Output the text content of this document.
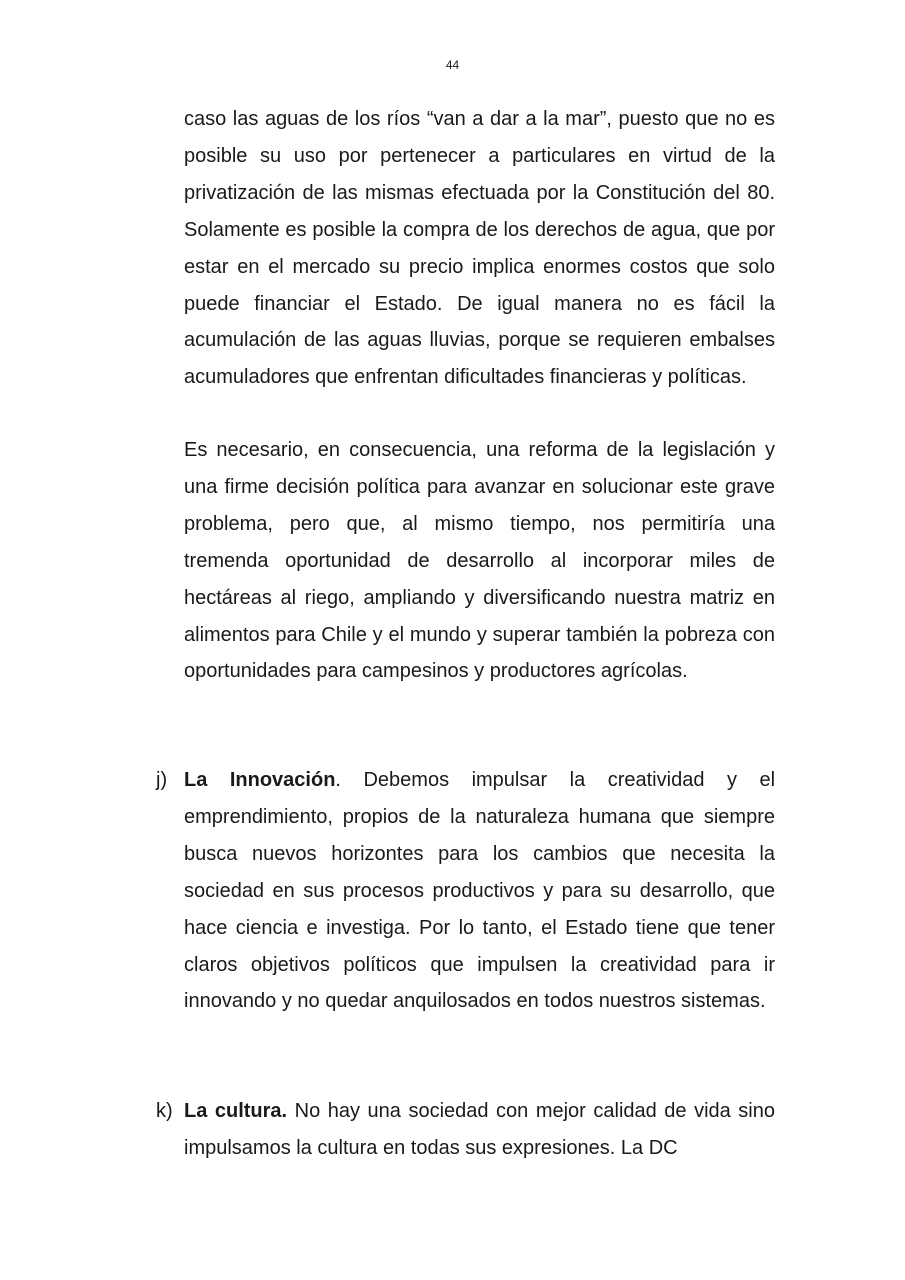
44

caso las aguas de los ríos “van a dar a la mar”, puesto que no es posible su uso por pertenecer a particulares en virtud de la privatización de las mismas efectuada por la Constitución del 80. Solamente es posible la compra de los derechos de agua, que por estar en el mercado su precio implica enormes costos que solo puede financiar el Estado. De igual manera no es fácil la acumulación de las aguas lluvias, porque se requieren embalses acumuladores que enfrentan dificultades financieras y políticas.

Es necesario, en consecuencia, una reforma de la legislación y una firme decisión política para avanzar en solucionar este grave problema, pero que, al mismo tiempo, nos permitiría una tremenda oportunidad de desarrollo al incorporar miles de hectáreas al riego, ampliando y diversificando nuestra matriz en alimentos para Chile y el mundo y superar también la pobreza con oportunidades para campesinos y productores agrícolas.

j) La Innovación. Debemos impulsar la creatividad y el emprendimiento, propios de la naturaleza humana que siempre busca nuevos horizontes para los cambios que necesita la sociedad en sus procesos productivos y para su desarrollo, que hace ciencia e investiga. Por lo tanto, el Estado tiene que tener claros objetivos políticos que impulsen la creatividad para ir innovando y no quedar anquilosados en todos nuestros sistemas.

k) La cultura. No hay una sociedad con mejor calidad de vida sino impulsamos la cultura en todas sus expresiones. La DC
